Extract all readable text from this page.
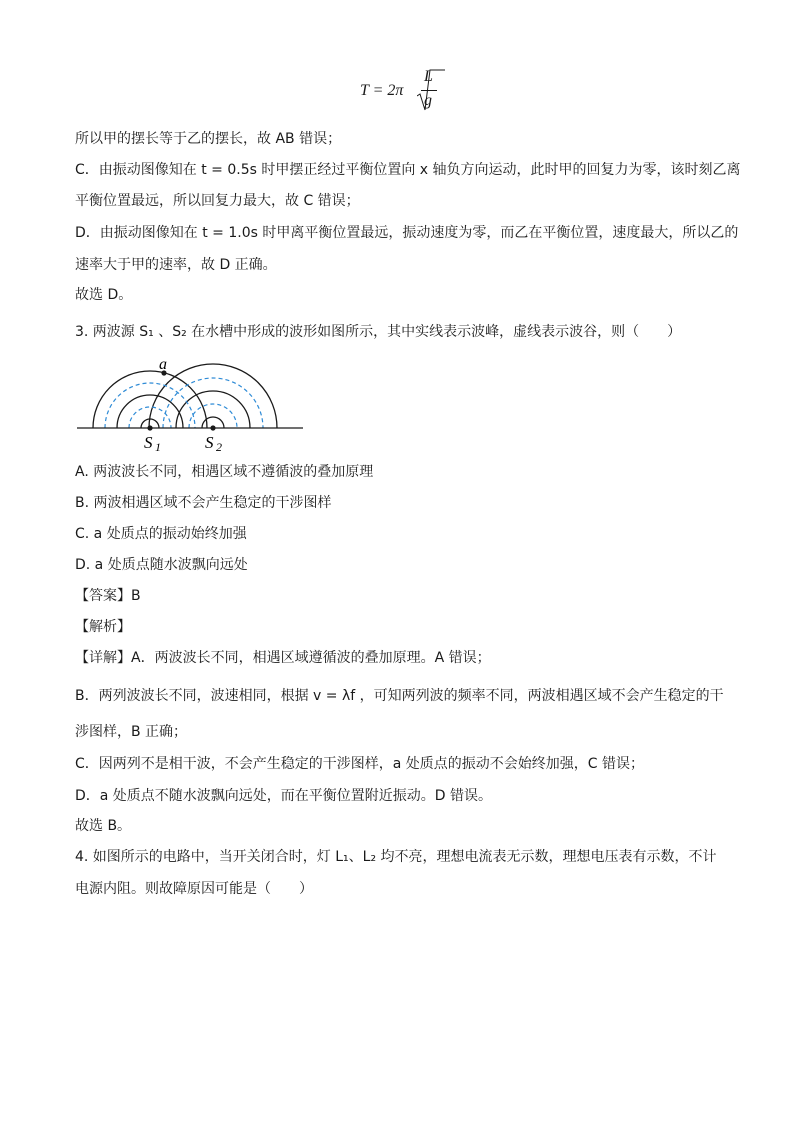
T = 2π
L
g
所以甲的摆长等于乙的摆长，故 AB 错误；
C．由振动图像知在 t = 0.5s 时甲摆正经过平衡位置向 x 轴负方向运动，此时甲的回复力为零，该时刻乙离
平衡位置最远，所以回复力最大，故 C 错误；
D．由振动图像知在 t = 1.0s 时甲离平衡位置最远，振动速度为零，而乙在平衡位置，速度最大，所以乙的
速率大于甲的速率，故 D 正确。
故选 D。
3. 两波源 S₁ 、S₂ 在水槽中形成的波形如图所示，其中实线表示波峰，虚线表示波谷，则（　　）
a
S 1	S 2
A. 两波波长不同，相遇区域不遵循波的叠加原理
B. 两波相遇区域不会产生稳定的干涉图样
C. a 处质点的振动始终加强
D. a 处质点随水波飘向远处
【答案】B
【解析】
【详解】A．两波波长不同，相遇区域遵循波的叠加原理。A 错误；
B．两列波波长不同，波速相同，根据 v = λf ，可知两列波的频率不同，两波相遇区域不会产生稳定的干
涉图样，B 正确；
C．因两列不是相干波，不会产生稳定的干涉图样，a 处质点的振动不会始终加强，C 错误；
D．a 处质点不随水波飘向远处，而在平衡位置附近振动。D 错误。
故选 B。
4. 如图所示的电路中，当开关闭合时，灯 L₁、L₂ 均不亮，理想电流表无示数，理想电压表有示数，不计
电源内阻。则故障原因可能是（　　）
